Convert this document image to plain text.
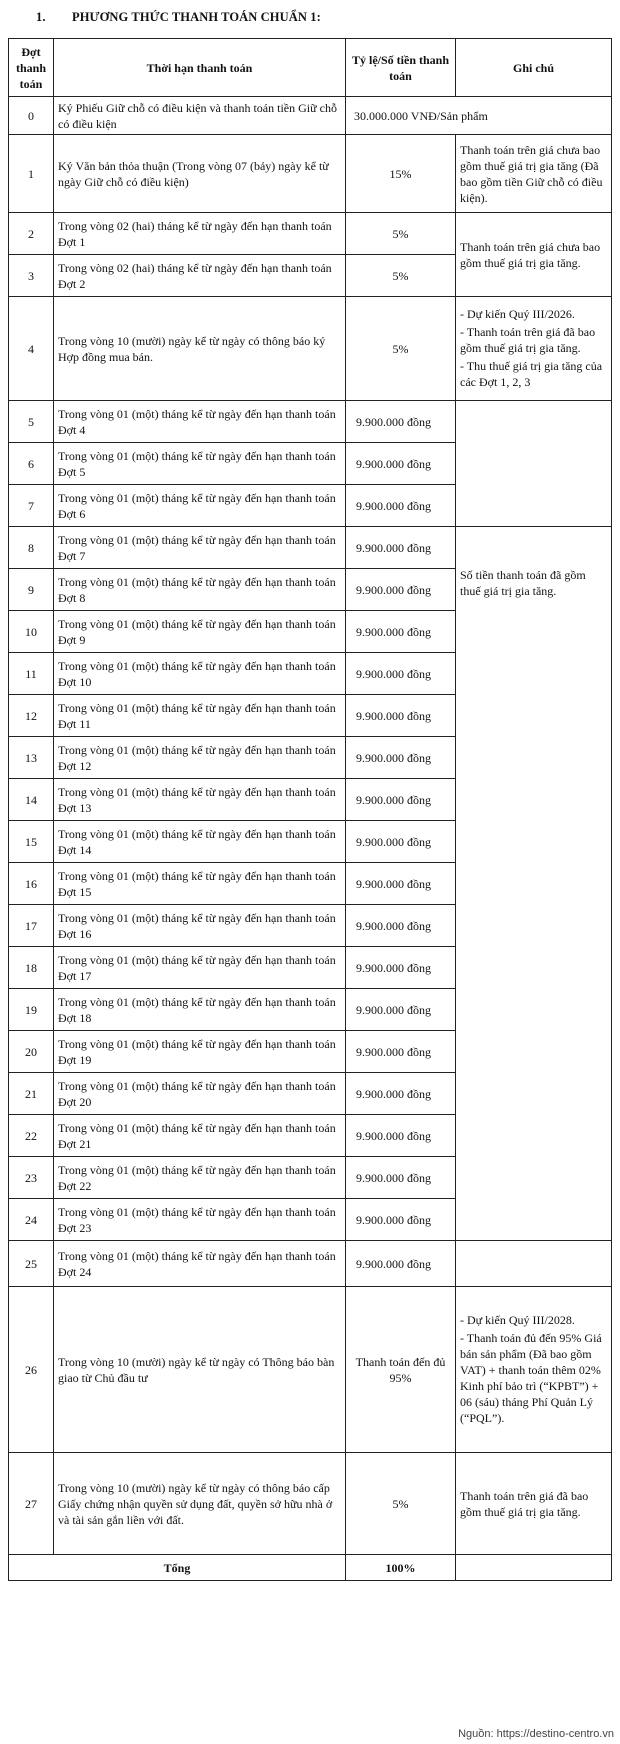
1. PHƯƠNG THỨC THANH TOÁN CHUẨN 1:
Đợt thanh toán	Thời hạn thanh toán	Tỷ lệ/Số tiền thanh toán	Ghi chú
0	Ký Phiếu Giữ chỗ có điều kiện và thanh toán tiền Giữ chỗ có điều kiện	30.000.000 VNĐ/Sản phẩm	
1	Ký Văn bản thỏa thuận (Trong vòng 07 (bảy) ngày kể từ ngày Giữ chỗ có điều kiện)	15%	Thanh toán trên giá chưa bao gồm thuế giá trị gia tăng (Đã bao gồm tiền Giữ chỗ có điều kiện).
2	Trong vòng 02 (hai) tháng kể từ ngày đến hạn thanh toán Đợt 1	5%	Thanh toán trên giá chưa bao gồm thuế giá trị gia tăng.
3	Trong vòng 02 (hai) tháng kể từ ngày đến hạn thanh toán Đợt 2	5%	
4	Trong vòng 10 (mười) ngày kể từ ngày có thông báo ký Hợp đồng mua bán.	5%	- Dự kiến Quý III/2026.
- Thanh toán trên giá đã bao gồm thuế giá trị gia tăng.
- Thu thuế giá trị gia tăng của các Đợt 1, 2, 3

5	Trong vòng 01 (một) tháng kể từ ngày đến hạn thanh toán Đợt 4	9.900.000 đồng	
6	Trong vòng 01 (một) tháng kể từ ngày đến hạn thanh toán Đợt 5	9.900.000 đồng	
7	Trong vòng 01 (một) tháng kể từ ngày đến hạn thanh toán Đợt 6	9.900.000 đồng	
8	Trong vòng 01 (một) tháng kể từ ngày đến hạn thanh toán Đợt 7	9.900.000 đồng	Số tiền thanh toán đã gồm thuế giá trị gia tăng.
9	Trong vòng 01 (một) tháng kể từ ngày đến hạn thanh toán Đợt 8	9.900.000 đồng	
10	Trong vòng 01 (một) tháng kể từ ngày đến hạn thanh toán Đợt 9	9.900.000 đồng	
11	Trong vòng 01 (một) tháng kể từ ngày đến hạn thanh toán Đợt 10	9.900.000 đồng	
12	Trong vòng 01 (một) tháng kể từ ngày đến hạn thanh toán Đợt 11	9.900.000 đồng	
13	Trong vòng 01 (một) tháng kể từ ngày đến hạn thanh toán Đợt 12	9.900.000 đồng	
14	Trong vòng 01 (một) tháng kể từ ngày đến hạn thanh toán Đợt 13	9.900.000 đồng	
15	Trong vòng 01 (một) tháng kể từ ngày đến hạn thanh toán Đợt 14	9.900.000 đồng	
16	Trong vòng 01 (một) tháng kể từ ngày đến hạn thanh toán Đợt 15	9.900.000 đồng	
17	Trong vòng 01 (một) tháng kể từ ngày đến hạn thanh toán Đợt 16	9.900.000 đồng	
18	Trong vòng 01 (một) tháng kể từ ngày đến hạn thanh toán Đợt 17	9.900.000 đồng	
19	Trong vòng 01 (một) tháng kể từ ngày đến hạn thanh toán Đợt 18	9.900.000 đồng	
20	Trong vòng 01 (một) tháng kể từ ngày đến hạn thanh toán Đợt 19	9.900.000 đồng	
21	Trong vòng 01 (một) tháng kể từ ngày đến hạn thanh toán Đợt 20	9.900.000 đồng	
22	Trong vòng 01 (một) tháng kể từ ngày đến hạn thanh toán Đợt 21	9.900.000 đồng	
23	Trong vòng 01 (một) tháng kể từ ngày đến hạn thanh toán Đợt 22	9.900.000 đồng	
24	Trong vòng 01 (một) tháng kể từ ngày đến hạn thanh toán Đợt 23	9.900.000 đồng	
25	Trong vòng 01 (một) tháng kể từ ngày đến hạn thanh toán Đợt 24	9.900.000 đồng	
26	Trong vòng 10 (mười) ngày kể từ ngày có Thông báo bàn giao từ Chủ đầu tư	Thanh toán đến đủ 95%	- Dự kiến Quý III/2028.
- Thanh toán đủ đến 95% Giá bán sản phẩm (Đã bao gồm VAT) + thanh toán thêm 02% Kinh phí bảo trì (“KPBT”) + 06 (sáu) tháng Phí Quản Lý (“PQL”).

27	Trong vòng 10 (mười) ngày kể từ ngày có thông báo cấp Giấy chứng nhận quyền sử dụng đất, quyền sở hữu nhà ở và tài sản gắn liền với đất.	5%	Thanh toán trên giá đã bao gồm thuế giá trị gia tăng.
Tổng		100%	
Nguồn: https://destino-centro.vn
